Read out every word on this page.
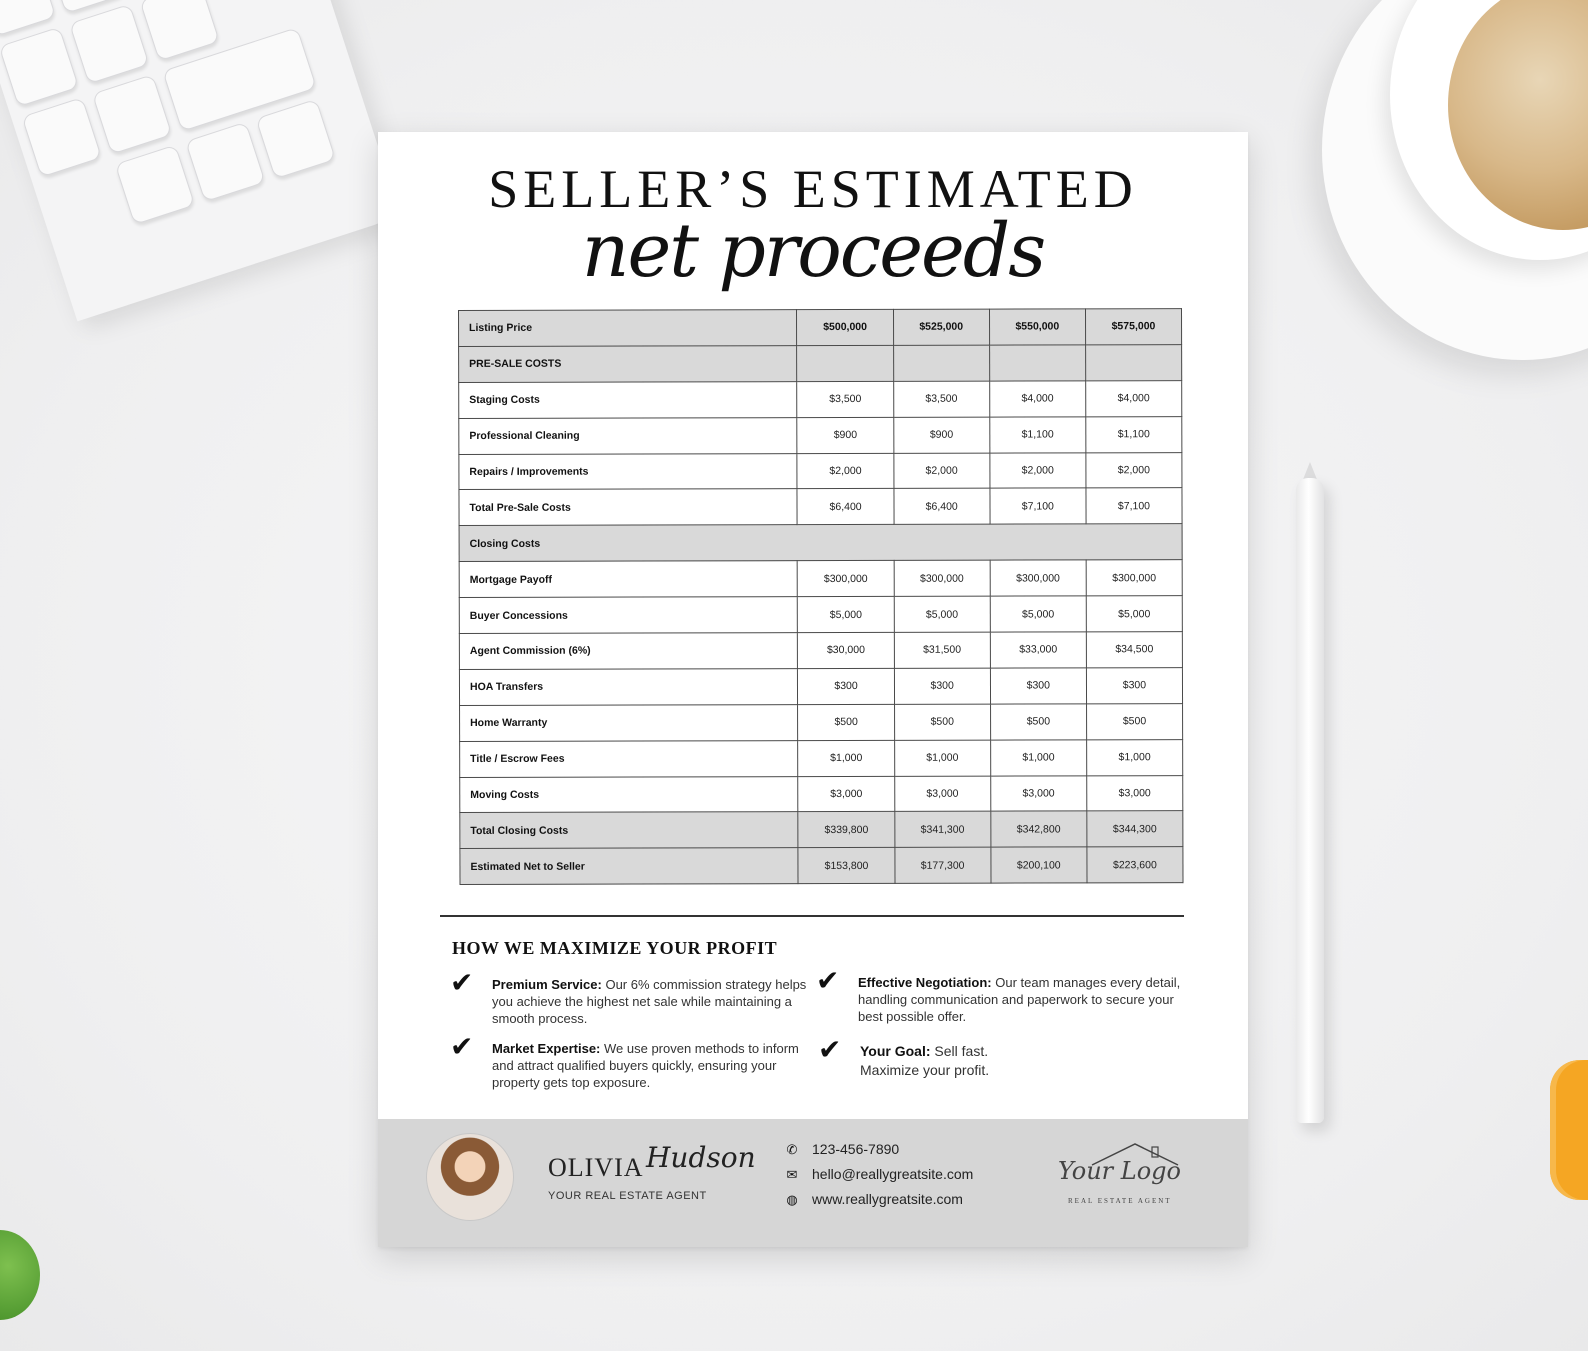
SELLER’S ESTIMATED
net proceeds
Listing Price	$500,000	$525,000	$550,000	$575,000
PRE-SALE COSTS				
Staging Costs	$3,500	$3,500	$4,000	$4,000
Professional Cleaning	$900	$900	$1,100	$1,100
Repairs / Improvements	$2,000	$2,000	$2,000	$2,000
Total Pre-Sale Costs	$6,400	$6,400	$7,100	$7,100
Closing Costs				
Mortgage Payoff	$300,000	$300,000	$300,000	$300,000
Buyer Concessions	$5,000	$5,000	$5,000	$5,000
Agent Commission (6%)	$30,000	$31,500	$33,000	$34,500
HOA Transfers	$300	$300	$300	$300
Home Warranty	$500	$500	$500	$500
Title / Escrow Fees	$1,000	$1,000	$1,000	$1,000
Moving Costs	$3,000	$3,000	$3,000	$3,000
Total Closing Costs	$339,800	$341,300	$342,800	$344,300
Estimated Net to Seller	$153,800	$177,300	$200,100	$223,600
HOW WE MAXIMIZE YOUR PROFIT
✔ Premium Service: Our 6% commission strategy helps you achieve the highest net sale while maintaining a smooth process.
✔ Effective Negotiation: Our team manages every detail, handling communication and paperwork to secure your best possible offer.
✔ Market Expertise: We use proven methods to inform and attract qualified buyers quickly, ensuring your property gets top exposure.
✔ Your Goal: Sell fast. Maximize your profit.
OLIVIA Hudson
YOUR REAL ESTATE AGENT
✆ 123-456-7890
✉ hello@reallygreatsite.com
◍ www.reallygreatsite.com
Your Logo
REAL ESTATE AGENT
